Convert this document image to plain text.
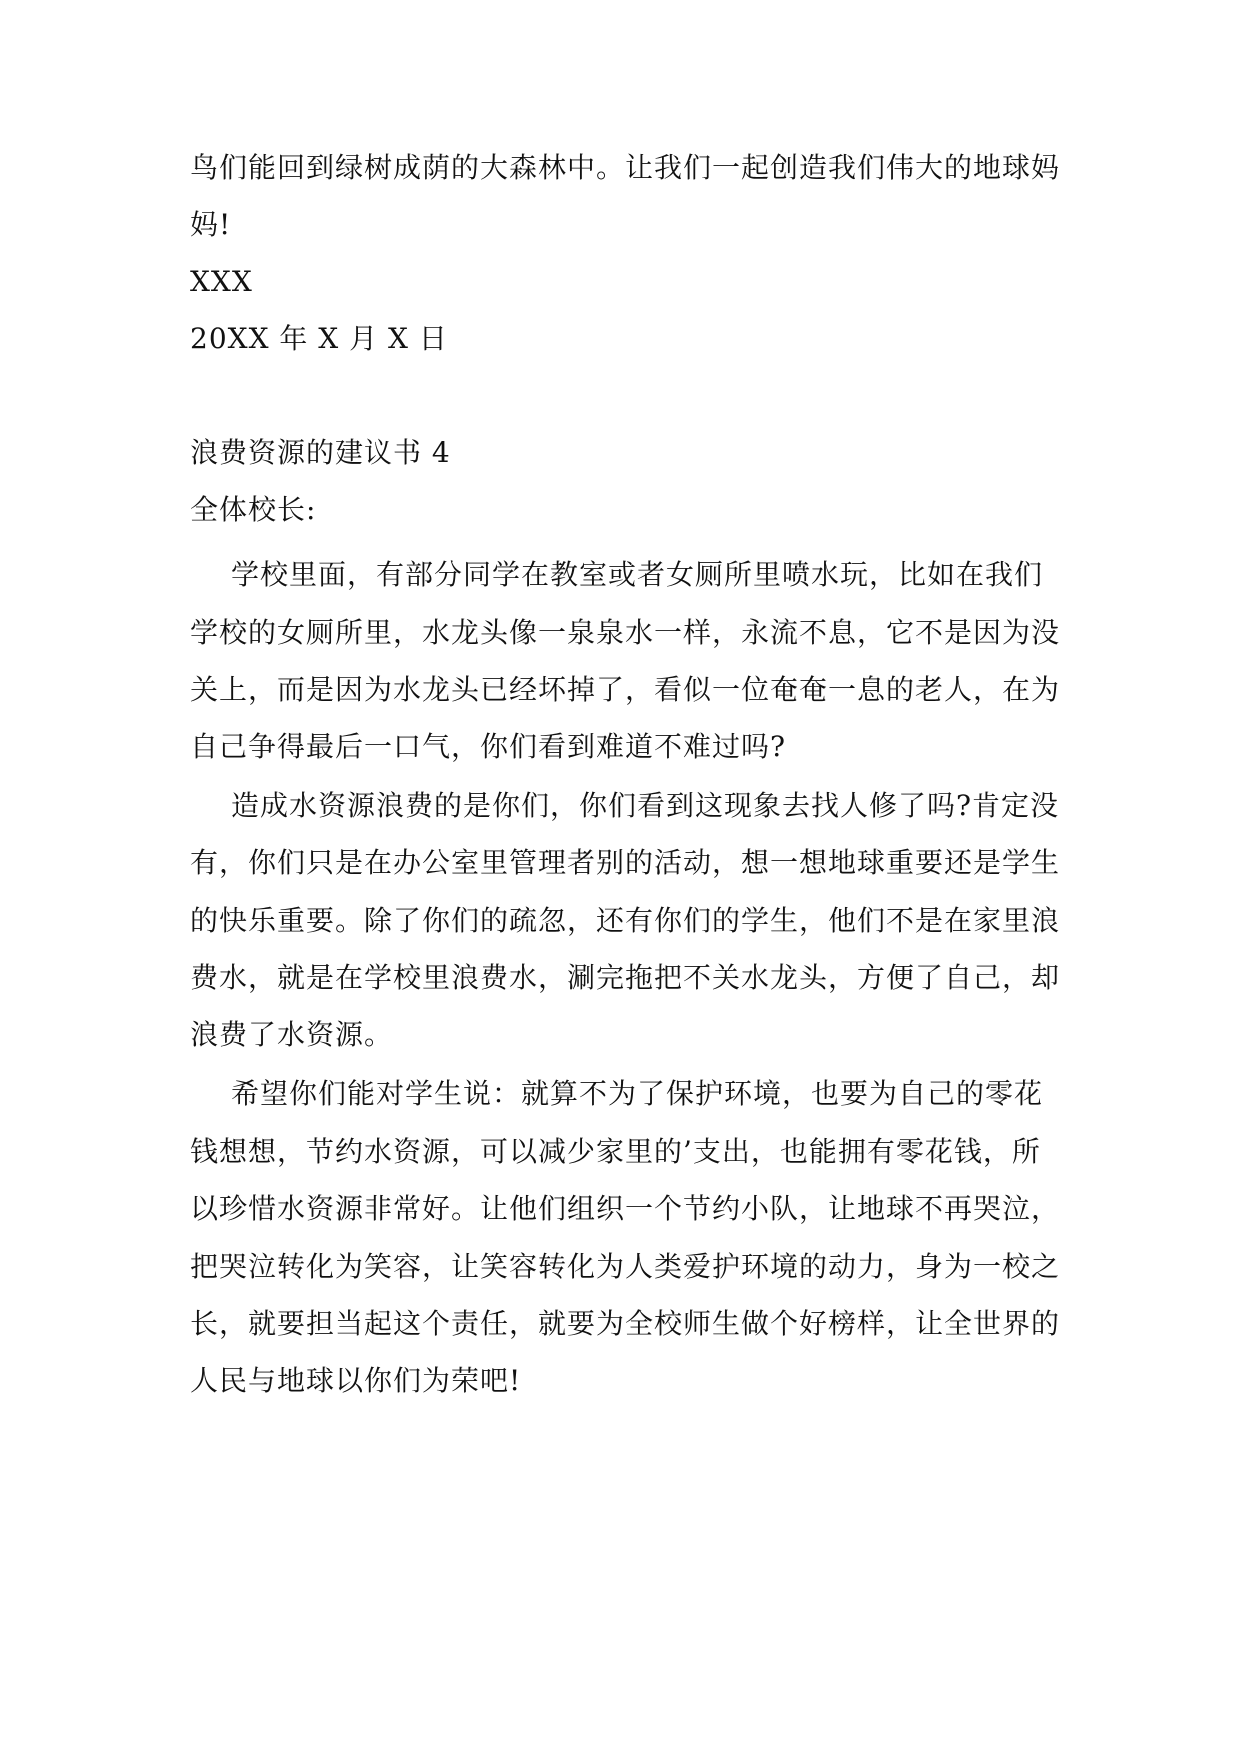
鸟们能回到绿树成荫的大森林中。让我们一起创造我们伟大的地球妈
妈!
XXX
20XX 年 X 月 X 日
浪费资源的建议书 4
全体校长:
学校里面，有部分同学在教室或者女厕所里喷水玩，比如在我们
学校的女厕所里，水龙头像一泉泉水一样，永流不息，它不是因为没
关上，而是因为水龙头已经坏掉了，看似一位奄奄一息的老人，在为
自己争得最后一口气，你们看到难道不难过吗?
造成水资源浪费的是你们，你们看到这现象去找人修了吗?肯定没
有，你们只是在办公室里管理者别的活动，想一想地球重要还是学生
的快乐重要。除了你们的疏忽，还有你们的学生，他们不是在家里浪
费水，就是在学校里浪费水，涮完拖把不关水龙头，方便了自己，却
浪费了水资源。
希望你们能对学生说：就算不为了保护环境，也要为自己的零花
钱想想，节约水资源，可以减少家里的’支出，也能拥有零花钱，所
以珍惜水资源非常好。让他们组织一个节约小队，让地球不再哭泣，
把哭泣转化为笑容，让笑容转化为人类爱护环境的动力，身为一校之
长，就要担当起这个责任，就要为全校师生做个好榜样，让全世界的
人民与地球以你们为荣吧!
